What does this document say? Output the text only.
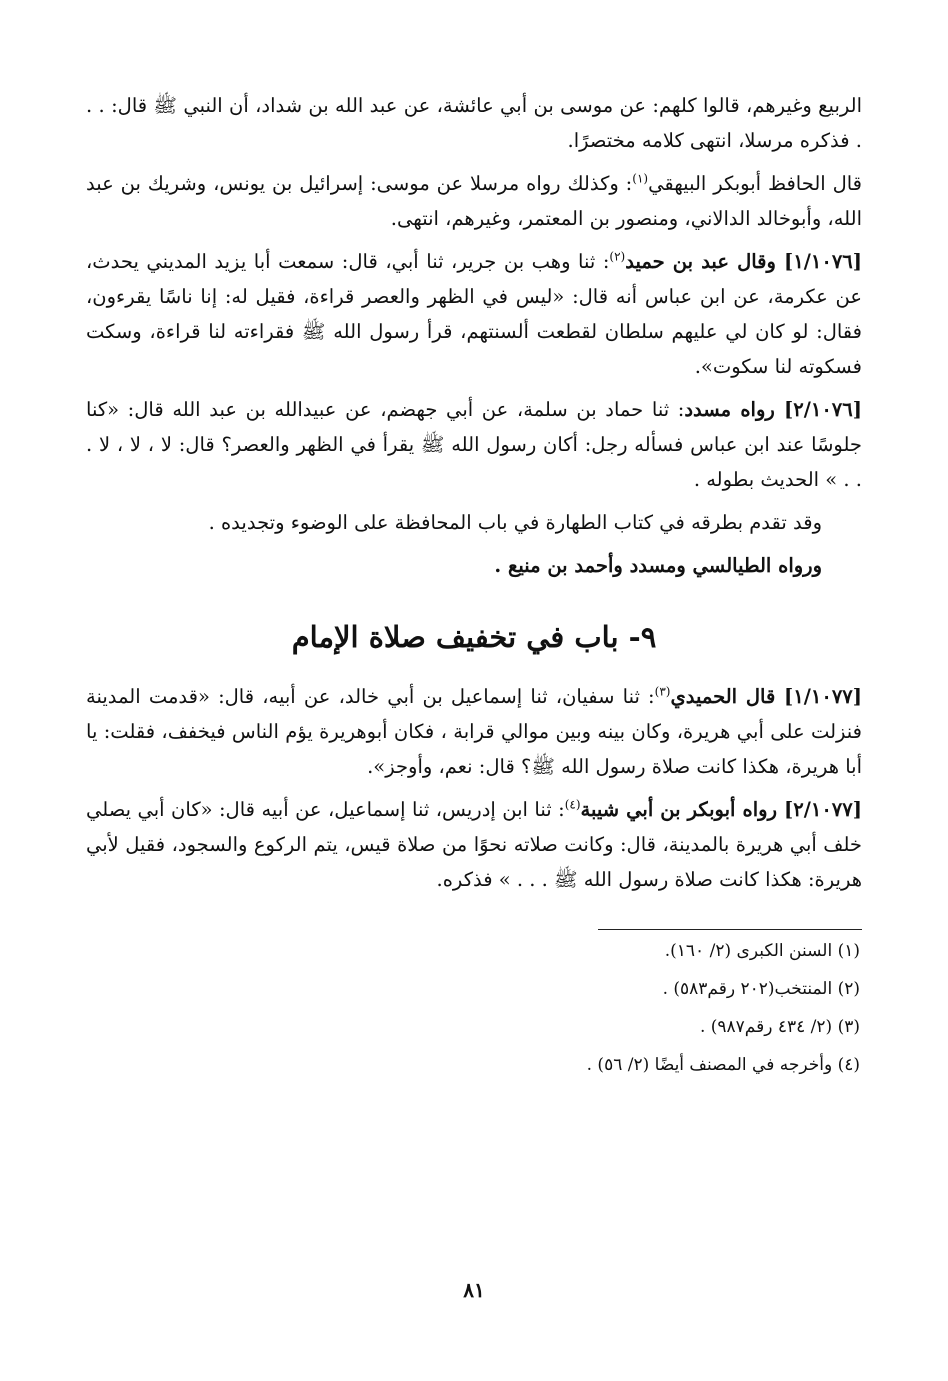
الربيع وغيرهم، قالوا كلهم: عن موسى بن أبي عائشة، عن عبد الله بن شداد، أن النبي ﷺ قال: . . . فذكره مرسلا، انتهى كلامه مختصرًا.

قال الحافظ أبوبكر البيهقي$^{(١)}$: وكذلك رواه مرسلا عن موسى: إسرائيل بن يونس، وشريك بن عبد الله، وأبوخالد الدالاني، ومنصور بن المعتمر، وغيرهم، انتهى.

[١/١٠٧٦] وقال عبد بن حميد$^{(٢)}$: ثنا وهب بن جرير، ثنا أبي، قال: سمعت أبا يزيد المديني يحدث، عن عكرمة، عن ابن عباس أنه قال: «ليس في الظهر والعصر قراءة، فقيل له: إنا ناسًا يقرءون، فقال: لو كان لي عليهم سلطان لقطعت ألسنتهم، قرأ رسول الله ﷺ فقراءته لنا قراءة، وسكت فسكوته لنا سكوت».

[٢/١٠٧٦] رواه مسدد: ثنا حماد بن سلمة، عن أبي جهضم، عن عبيدالله بن عبد الله قال: «كنا جلوسًا عند ابن عباس فسأله رجل: أكان رسول الله ﷺ يقرأ في الظهر والعصر؟ قال: لا ، لا ، لا . . . » الحديث بطوله .

وقد تقدم بطرقه في كتاب الطهارة في باب المحافظة على الوضوء وتجديده .

ورواه الطيالسي ومسدد وأحمد بن منيع .

٩- باب في تخفيف صلاة الإمام

[١/١٠٧٧] قال الحميدي$^{(٣)}$: ثنا سفيان، ثنا إسماعيل بن أبي خالد، عن أبيه، قال: «قدمت المدينة فنزلت على أبي هريرة، وكان بينه وبين موالي قرابة ، فكان أبوهريرة يؤم الناس فيخفف، فقلت: يا أبا هريرة، هكذا كانت صلاة رسول الله ﷺ؟ قال: نعم، وأوجز».

[٢/١٠٧٧] رواه أبوبكر بن أبي شيبة$^{(٤)}$: ثنا ابن إدريس، ثنا إسماعيل، عن أبيه قال: «كان أبي يصلي خلف أبي هريرة بالمدينة، قال: وكانت صلاته نحوًا من صلاة قيس، يتم الركوع والسجود، فقيل لأبي هريرة: هكذا كانت صلاة رسول الله ﷺ . . . » فذكره.

(١) السنن الكبرى (٢/ ١٦٠).

(٢) المنتخب(٢٠٢ رقم٥٨٣) .

(٣) (٢/ ٤٣٤ رقم٩٨٧) .

(٤) وأخرجه في المصنف أيضًا (٢/ ٥٦) .

٨١
